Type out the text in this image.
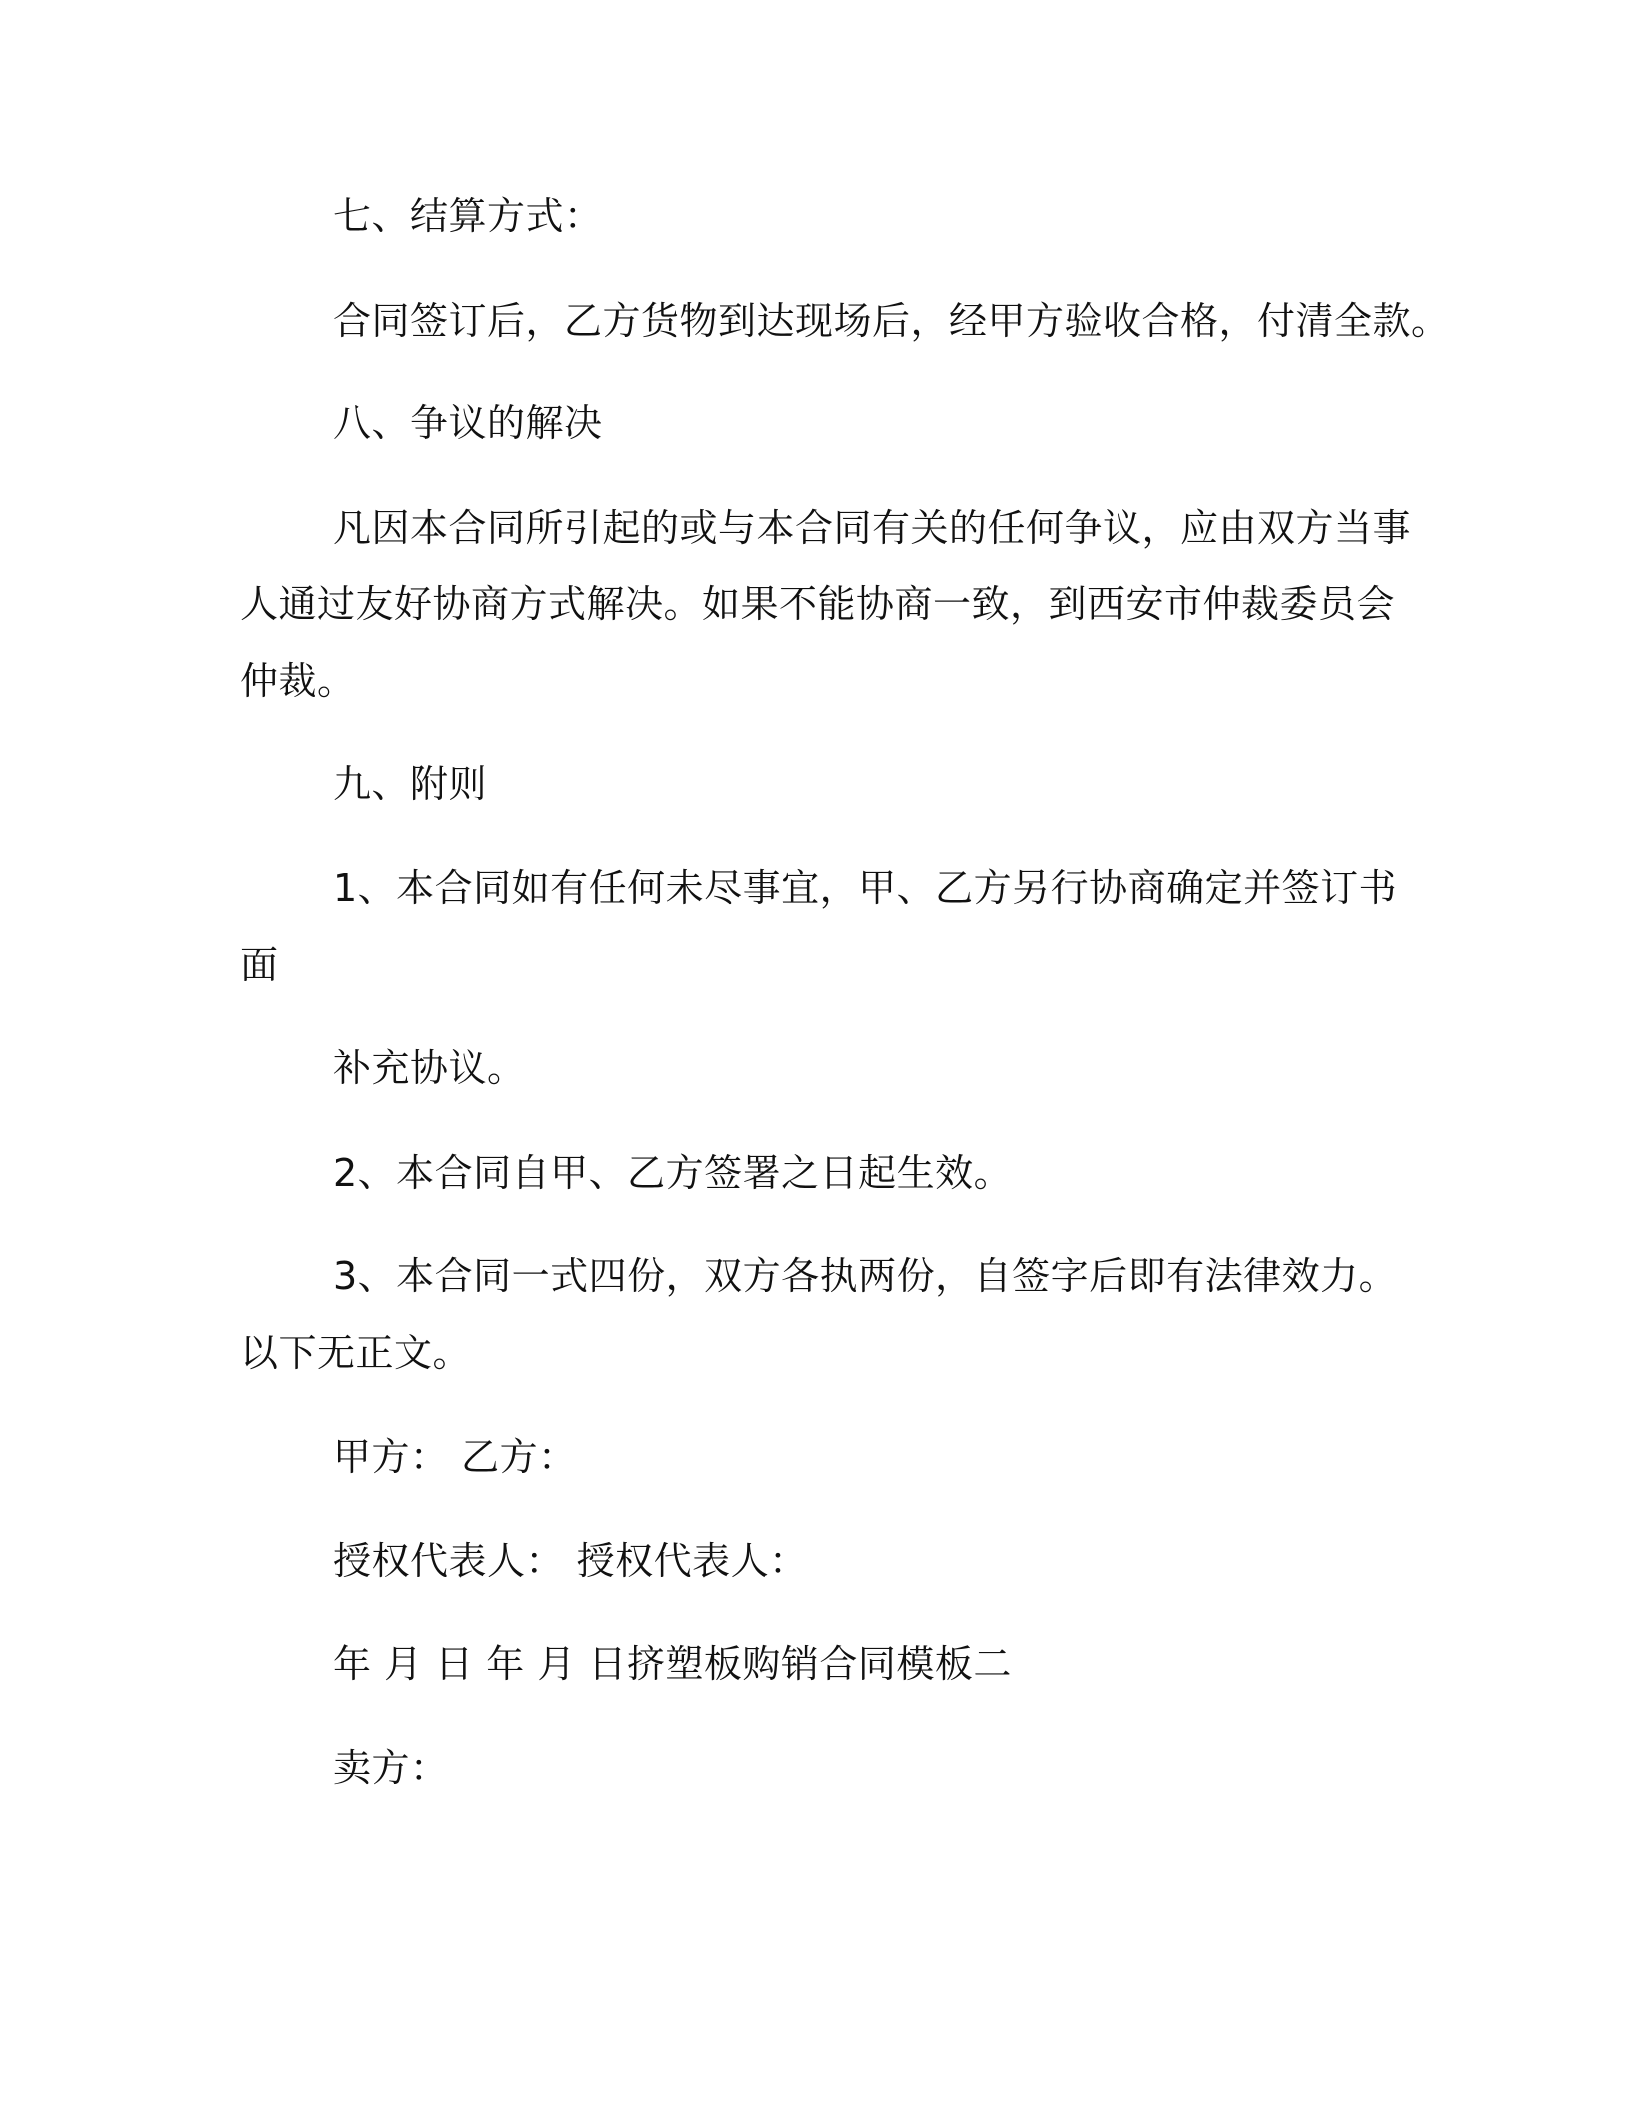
七、结算方式：

合同签订后，乙方货物到达现场后，经甲方验收合格，付清全款。

八、争议的解决

凡因本合同所引起的或与本合同有关的任何争议，应由双方当事

人通过友好协商方式解决。如果不能协商一致，到西安市仲裁委员会

仲裁。

九、附则

1、本合同如有任何未尽事宜，甲、乙方另行协商确定并签订书

面

补充协议。

2、本合同自甲、乙方签署之日起生效。

3、本合同一式四份，双方各执两份，自签字后即有法律效力。

以下无正文。

甲方： 乙方：

授权代表人： 授权代表人：

年 月 日 年 月 日挤塑板购销合同模板二

卖方：
